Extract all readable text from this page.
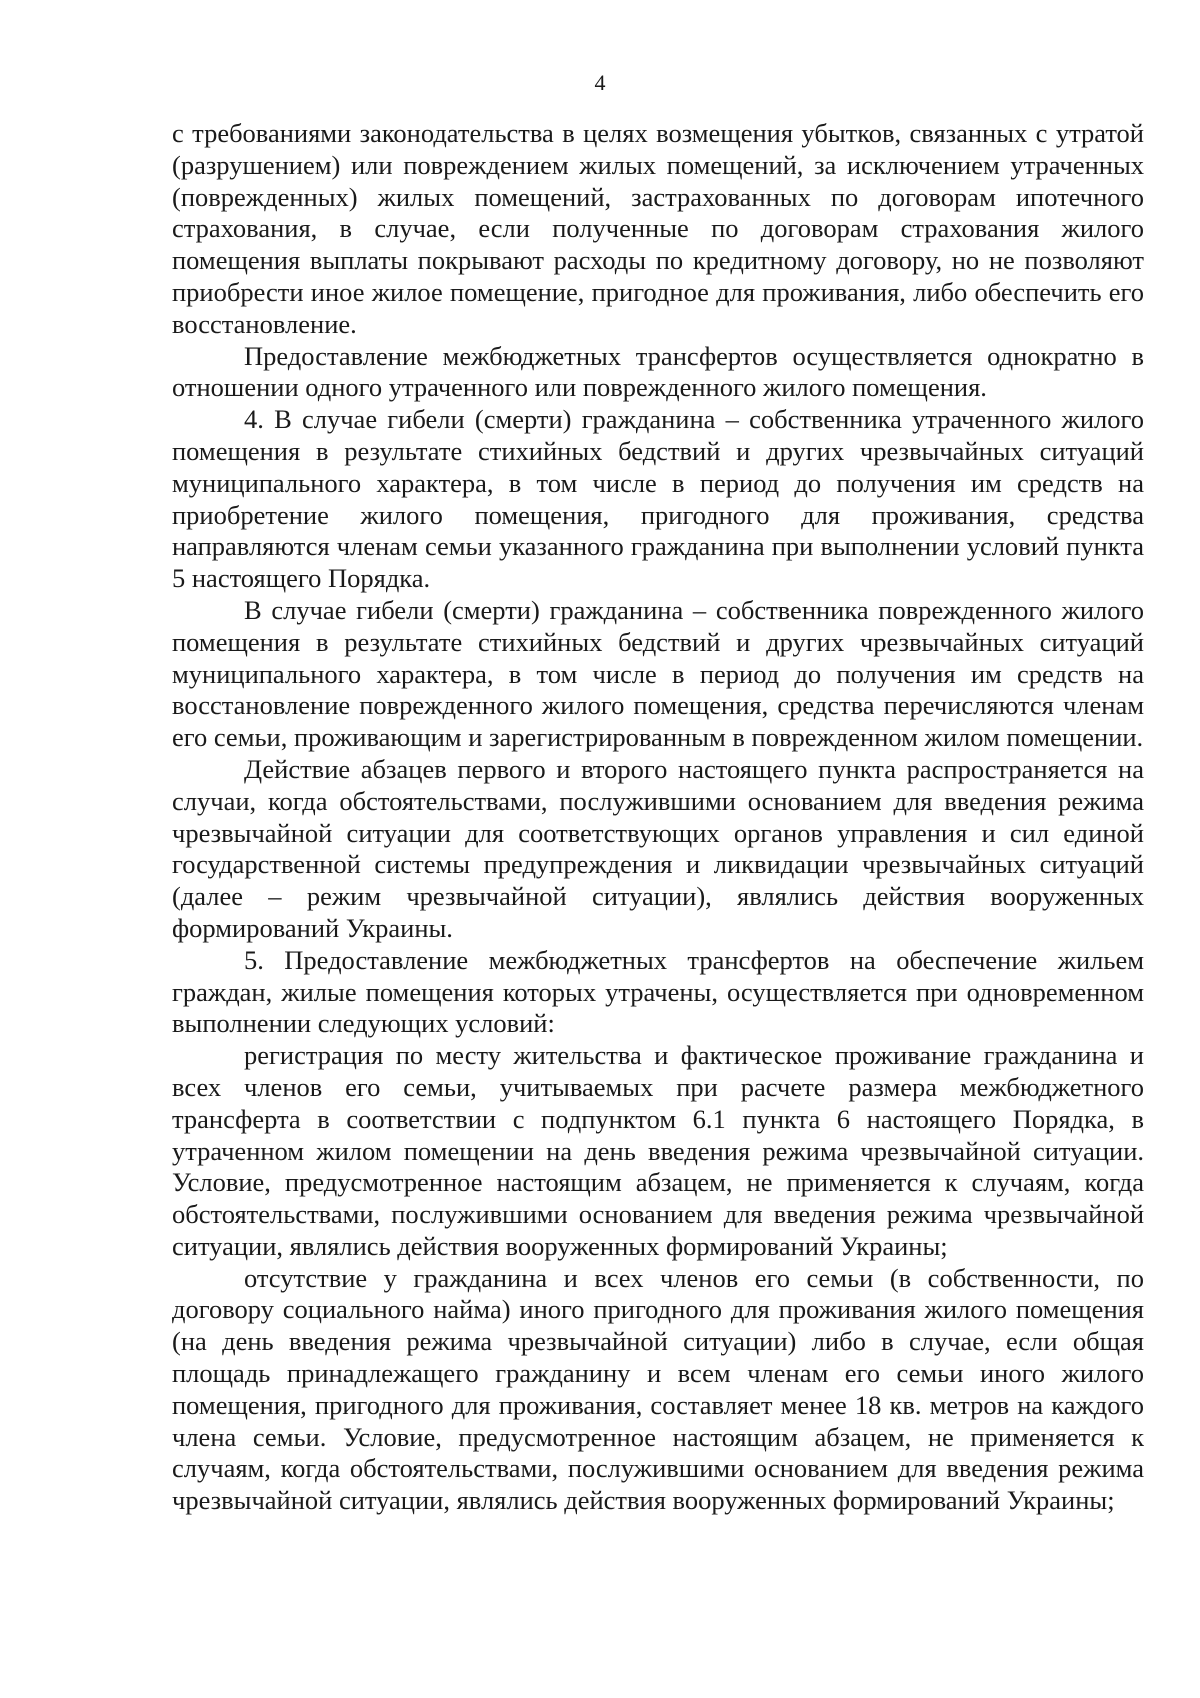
4

с требованиями законодательства в целях возмещения убытков, связанных с утратой (разрушением) или повреждением жилых помещений, за исключением утраченных (поврежденных) жилых помещений, застрахованных по договорам ипотечного страхования, в случае, если полученные по договорам страхования жилого помещения выплаты покрывают расходы по кредитному договору, но не позволяют приобрести иное жилое помещение, пригодное для проживания, либо обеспечить его восстановление.

Предоставление межбюджетных трансфертов осуществляется однократно в отношении одного утраченного или поврежденного жилого помещения.

4. В случае гибели (смерти) гражданина – собственника утраченного жилого помещения в результате стихийных бедствий и других чрезвычайных ситуаций муниципального характера, в том числе в период до получения им средств на приобретение жилого помещения, пригодного для проживания, средства направляются членам семьи указанного гражданина при выполнении условий пункта 5 настоящего Порядка.

В случае гибели (смерти) гражданина – собственника поврежденного жилого помещения в результате стихийных бедствий и других чрезвычайных ситуаций муниципального характера, в том числе в период до получения им средств на восстановление поврежденного жилого помещения, средства перечисляются членам его семьи, проживающим и зарегистрированным в поврежденном жилом помещении.

Действие абзацев первого и второго настоящего пункта распространяется на случаи, когда обстоятельствами, послужившими основанием для введения режима чрезвычайной ситуации для соответствующих органов управления и сил единой государственной системы предупреждения и ликвидации чрезвычайных ситуаций (далее – режим чрезвычайной ситуации), являлись действия вооруженных формирований Украины.

5. Предоставление межбюджетных трансфертов на обеспечение жильем граждан, жилые помещения которых утрачены, осуществляется при одновременном выполнении следующих условий:

регистрация по месту жительства и фактическое проживание гражданина и всех членов его семьи, учитываемых при расчете размера межбюджетного трансферта в соответствии с подпунктом 6.1 пункта 6 настоящего Порядка, в утраченном жилом помещении на день введения режима чрезвычайной ситуации. Условие, предусмотренное настоящим абзацем, не применяется к случаям, когда обстоятельствами, послужившими основанием для введения режима чрезвычайной ситуации, являлись действия вооруженных формирований Украины;

отсутствие у гражданина и всех членов его семьи (в собственности, по договору социального найма) иного пригодного для проживания жилого помещения (на день введения режима чрезвычайной ситуации) либо в случае, если общая площадь принадлежащего гражданину и всем членам его семьи иного жилого помещения, пригодного для проживания, составляет менее 18 кв. метров на каждого члена семьи. Условие, предусмотренное настоящим абзацем, не применяется к случаям, когда обстоятельствами, послужившими основанием для введения режима чрезвычайной ситуации, являлись действия вооруженных формирований Украины;
